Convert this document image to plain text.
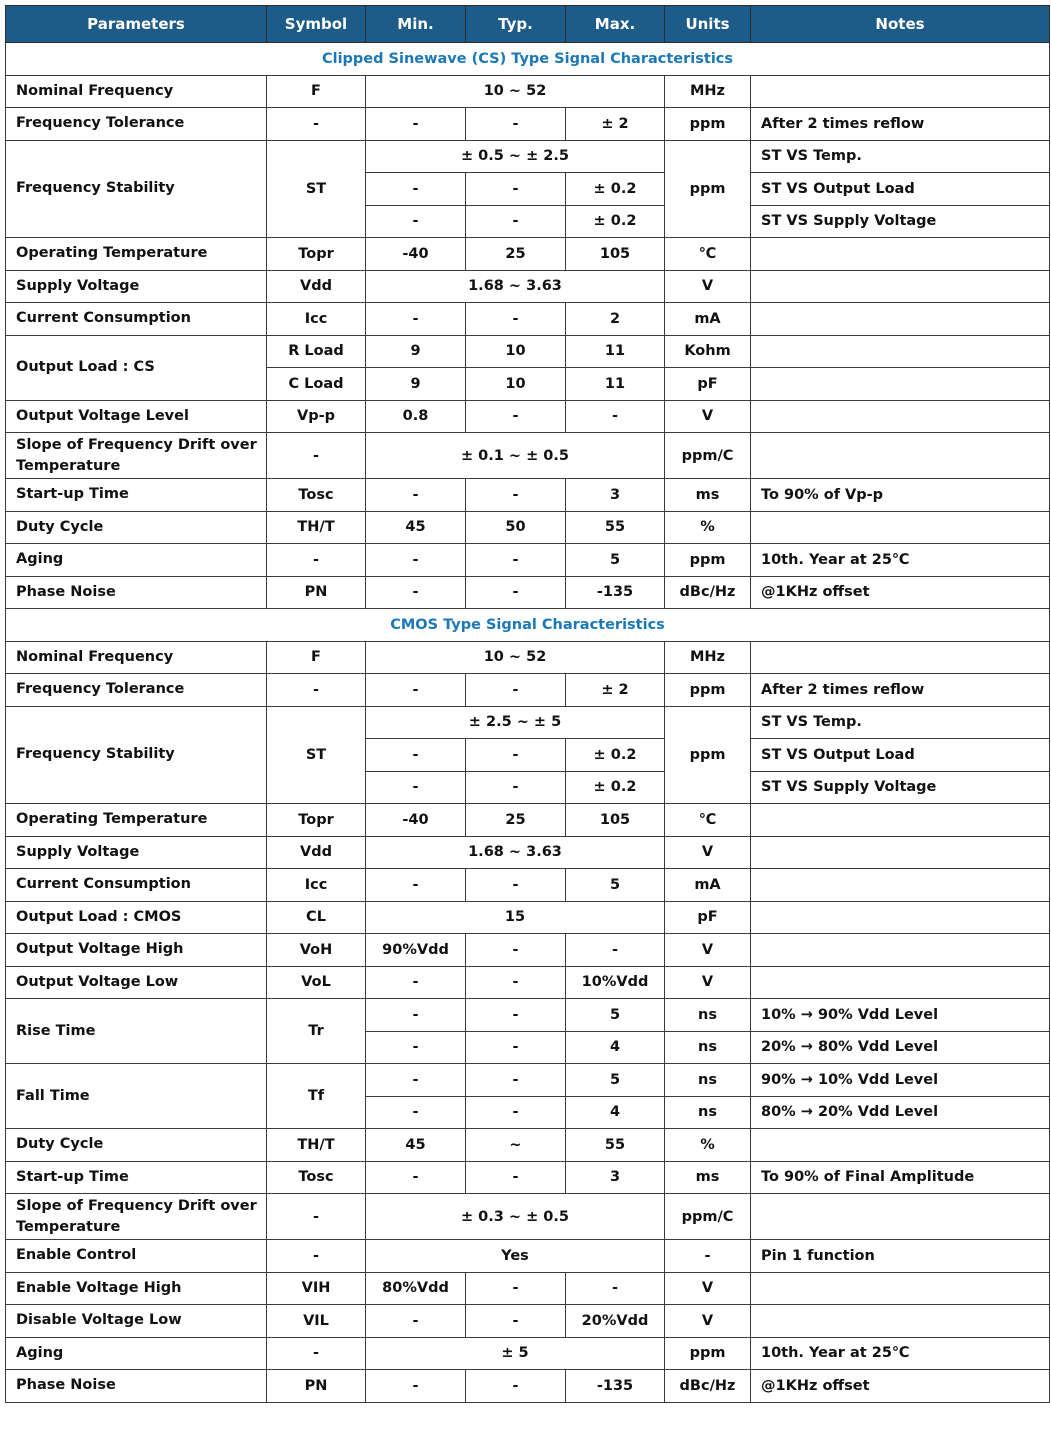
Parameters	Symbol	Min.	Typ.	Max.	Units	Notes
Clipped Sinewave (CS) Type Signal Characteristics						
Nominal Frequency	F	10 ~ 52			MHz	
Frequency Tolerance	-	-	-	± 2	ppm	After 2 times reflow
Frequency Stability	ST	± 0.5 ~ ± 2.5			ppm	ST VS Temp.
		-	-	± 0.2		ST VS Output Load
		-	-	± 0.2		ST VS Supply Voltage
Operating Temperature	Topr	-40	25	105	℃	
Supply Voltage	Vdd	1.68 ~ 3.63			V	
Current Consumption	Icc	-	-	2	mA	
Output Load : CS	R Load	9	10	11	Kohm	
	C Load	9	10	11	pF	
Output Voltage Level	Vp-p	0.8	-	-	V	
Slope of Frequency Drift over Temperature	-	± 0.1 ~ ± 0.5			ppm/C	
Start-up Time	Tosc	-	-	3	ms	To 90% of Vp-p
Duty Cycle	TH/T	45	50	55	%	
Aging	-	-	-	5	ppm	10th. Year at 25℃
Phase Noise	PN	-	-	-135	dBc/Hz	@1KHz offset
CMOS Type Signal Characteristics						
Nominal Frequency	F	10 ~ 52			MHz	
Frequency Tolerance	-	-	-	± 2	ppm	After 2 times reflow
Frequency Stability	ST	± 2.5 ~ ± 5			ppm	ST VS Temp.
		-	-	± 0.2		ST VS Output Load
		-	-	± 0.2		ST VS Supply Voltage
Operating Temperature	Topr	-40	25	105	℃	
Supply Voltage	Vdd	1.68 ~ 3.63			V	
Current Consumption	Icc	-	-	5	mA	
Output Load : CMOS	CL	15			pF	
Output Voltage High	VoH	90%Vdd	-	-	V	
Output Voltage Low	VoL	-	-	10%Vdd	V	
Rise Time	Tr	-	-	5	ns	10% → 90% Vdd Level
		-	-	4	ns	20% → 80% Vdd Level
Fall Time	Tf	-	-	5	ns	90% → 10% Vdd Level
		-	-	4	ns	80% → 20% Vdd Level
Duty Cycle	TH/T	45	~	55	%	
Start-up Time	Tosc	-	-	3	ms	To 90% of Final Amplitude
Slope of Frequency Drift over Temperature	-	± 0.3 ~ ± 0.5			ppm/C	
Enable Control	-	Yes			-	Pin 1 function
Enable Voltage High	VIH	80%Vdd	-	-	V	
Disable Voltage Low	VIL	-	-	20%Vdd	V	
Aging	-	± 5			ppm	10th. Year at 25℃
Phase Noise	PN	-	-	-135	dBc/Hz	@1KHz offset
